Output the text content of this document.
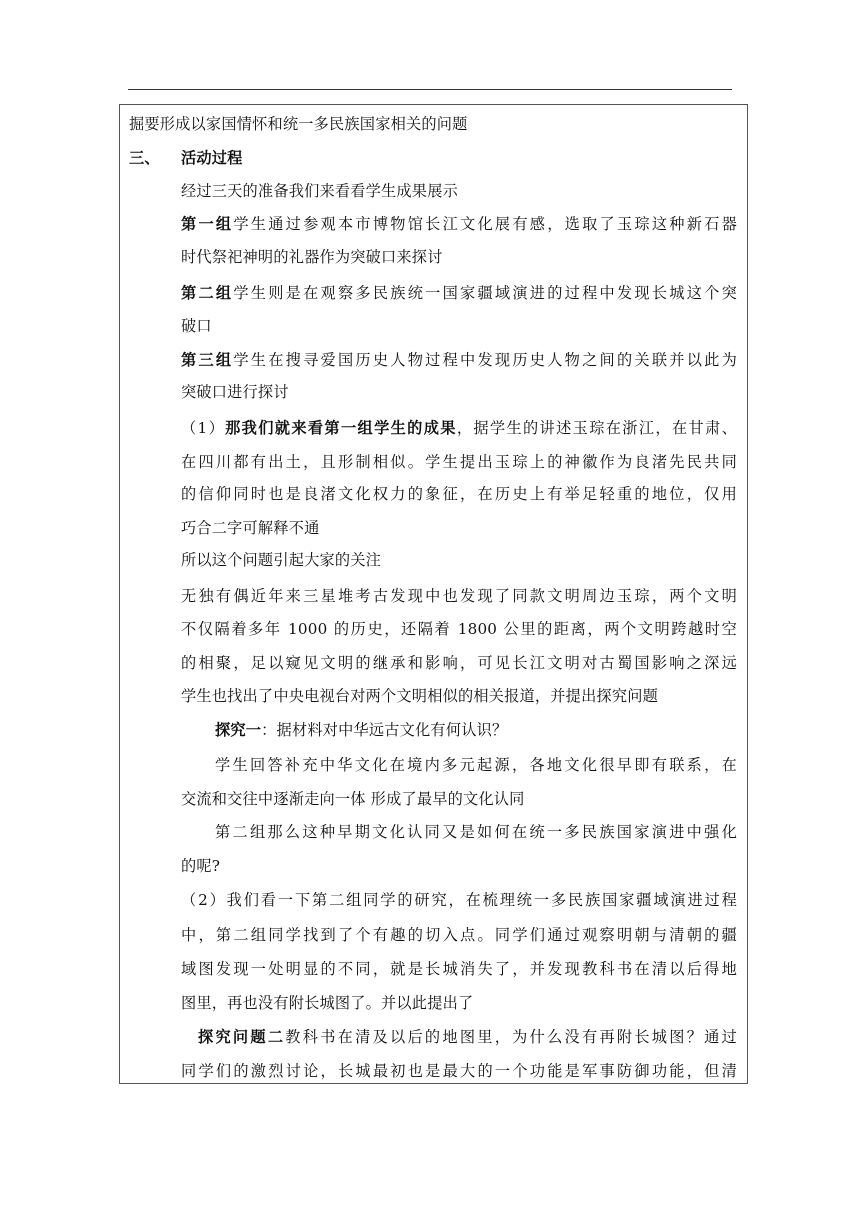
掘要形成以家国情怀和统一多民族国家相关的问题
三、 活动过程
经过三天的准备我们来看看学生成果展示
第一组学生通过参观本市博物馆长江文化展有感，选取了玉琮这种新石器
时代祭祀神明的礼器作为突破口来探讨
第二组学生则是在观察多民族统一国家疆域演进的过程中发现长城这个突
破口
第三组学生在搜寻爱国历史人物过程中发现历史人物之间的关联并以此为
突破口进行探讨
（1）那我们就来看第一组学生的成果，据学生的讲述玉琮在浙江，在甘肃、
在四川都有出土，且形制相似。学生提出玉琮上的神徽作为良渚先民共同
的信仰同时也是良渚文化权力的象征，在历史上有举足轻重的地位，仅用
巧合二字可解释不通
所以这个问题引起大家的关注
无独有偶近年来三星堆考古发现中也发现了同款文明周边玉琮，两个文明
不仅隔着多年 1000 的历史，还隔着 1800 公里的距离，两个文明跨越时空
的相聚，足以窥见文明的继承和影响，可见长江文明对古蜀国影响之深远
学生也找出了中央电视台对两个文明相似的相关报道，并提出探究问题
探究一：据材料对中华远古文化有何认识？
学生回答补充中华文化在境内多元起源，各地文化很早即有联系，在
交流和交往中逐渐走向一体 形成了最早的文化认同
第二组那么这种早期文化认同又是如何在统一多民族国家演进中强化
的呢?
（2）我们看一下第二组同学的研究，在梳理统一多民族国家疆域演进过程
中，第二组同学找到了个有趣的切入点。同学们通过观察明朝与清朝的疆
域图发现一处明显的不同，就是长城消失了，并发现教科书在清以后得地
图里，再也没有附长城图了。并以此提出了
探究问题二教科书在清及以后的地图里，为什么没有再附长城图？通过
同学们的激烈讨论，长城最初也是最大的一个功能是军事防御功能，但清
